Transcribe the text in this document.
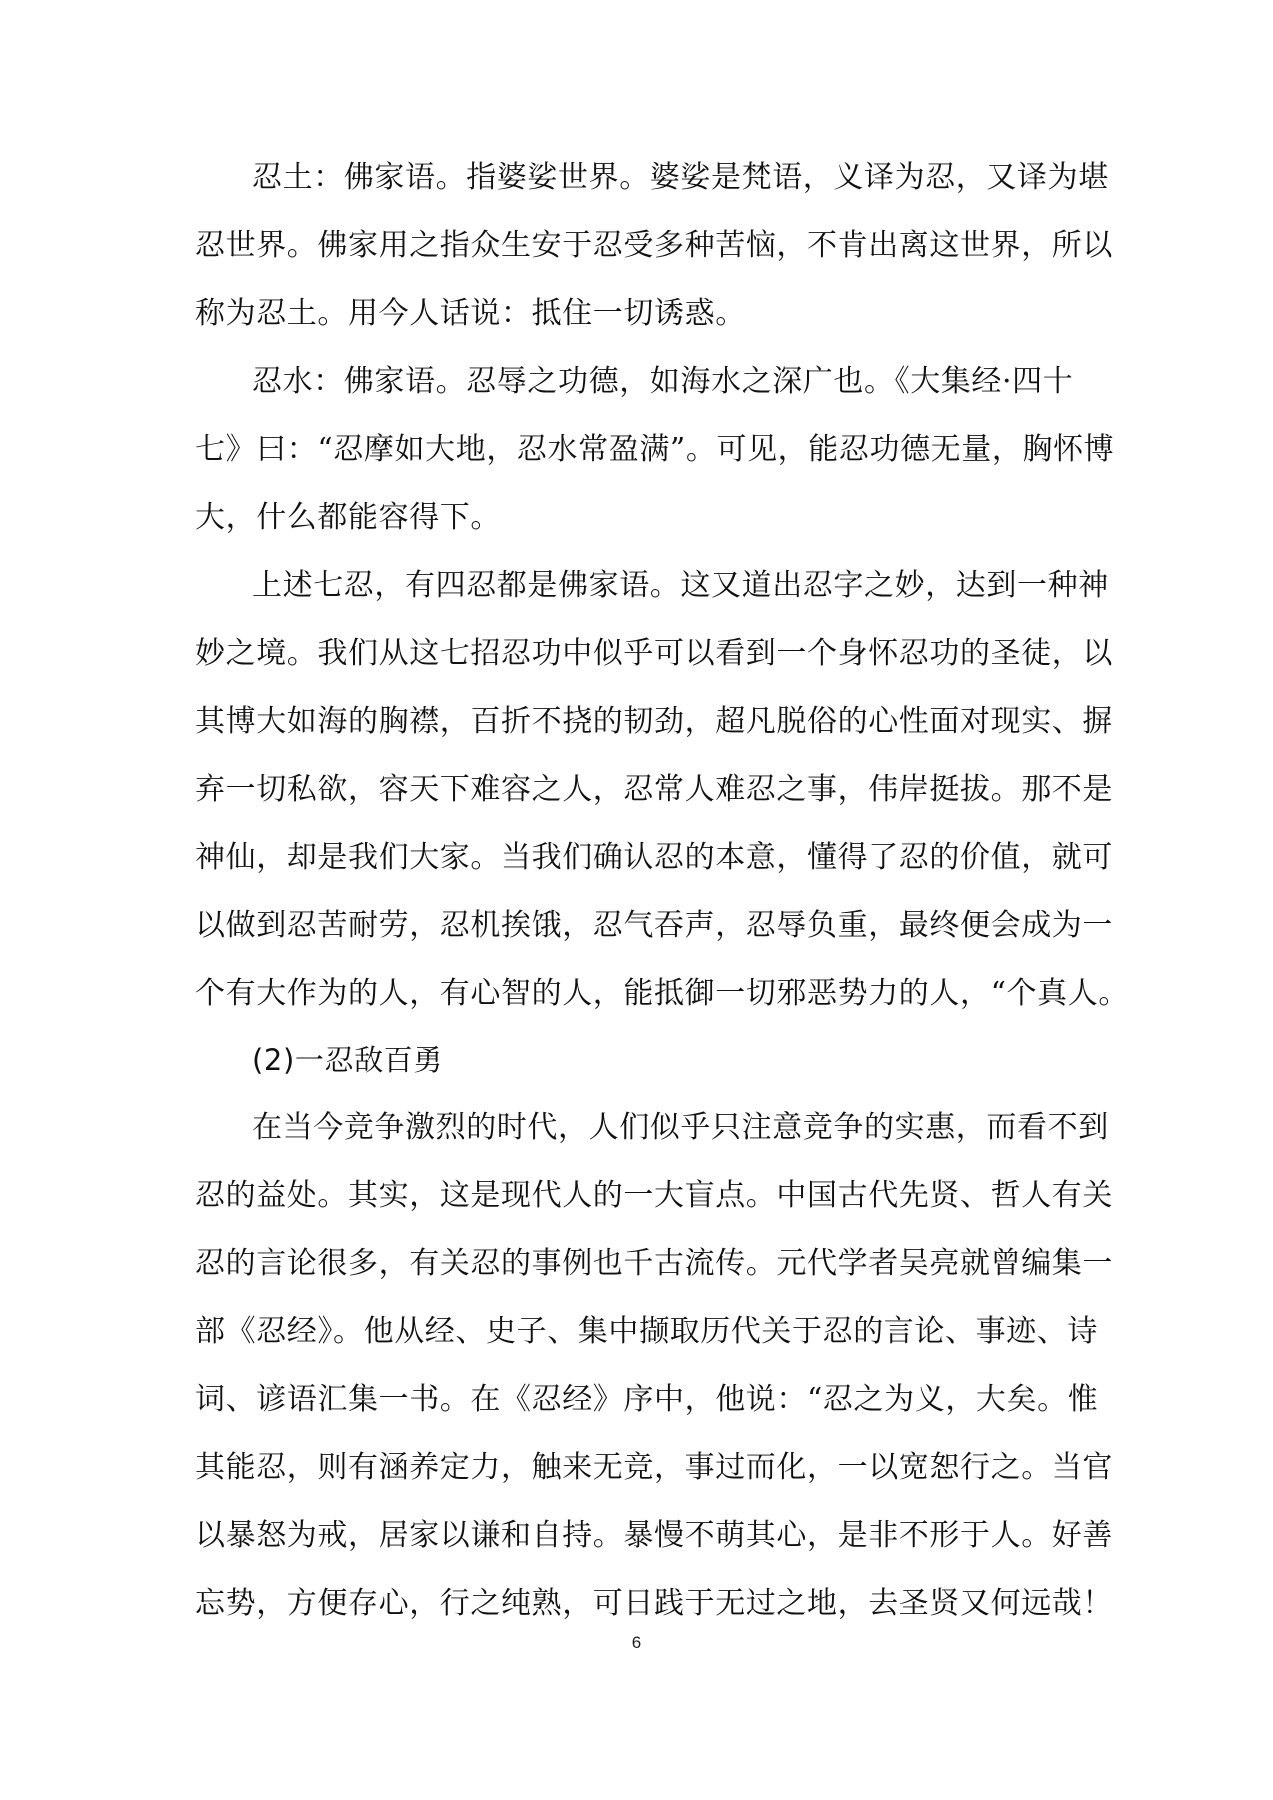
忍土：佛家语。指婆娑世界。婆娑是梵语，义译为忍，又译为堪
忍世界。佛家用之指众生安于忍受多种苦恼，不肯出离这世界，所以
称为忍土。用今人话说：抵住一切诱惑。
忍水：佛家语。忍辱之功德，如海水之深广也。《大集经·四十
七》曰：“忍摩如大地，忍水常盈满”。可见，能忍功德无量，胸怀博
大，什么都能容得下。
上述七忍，有四忍都是佛家语。这又道出忍字之妙，达到一种神
妙之境。我们从这七招忍功中似乎可以看到一个身怀忍功的圣徒，以
其博大如海的胸襟，百折不挠的韧劲，超凡脱俗的心性面对现实、摒
弃一切私欲，容天下难容之人，忍常人难忍之事，伟岸挺拔。那不是
神仙，却是我们大家。当我们确认忍的本意，懂得了忍的价值，就可
以做到忍苦耐劳，忍机挨饿，忍气吞声，忍辱负重，最终便会成为一
个有大作为的人，有心智的人，能抵御一切邪恶势力的人，“个真人。
(2)一忍敌百勇
在当今竞争激烈的时代，人们似乎只注意竞争的实惠，而看不到
忍的益处。其实，这是现代人的一大盲点。中国古代先贤、哲人有关
忍的言论很多，有关忍的事例也千古流传。元代学者吴亮就曾编集一
部《忍经》。他从经、史子、集中撷取历代关于忍的言论、事迹、诗
词、谚语汇集一书。在《忍经》序中，他说：“忍之为义，大矣。惟
其能忍，则有涵养定力，触来无竞，事过而化，一以宽恕行之。当官
以暴怒为戒，居家以谦和自持。暴慢不萌其心，是非不形于人。好善
忘势，方便存心，行之纯熟，可日践于无过之地，去圣贤又何远哉！
6
